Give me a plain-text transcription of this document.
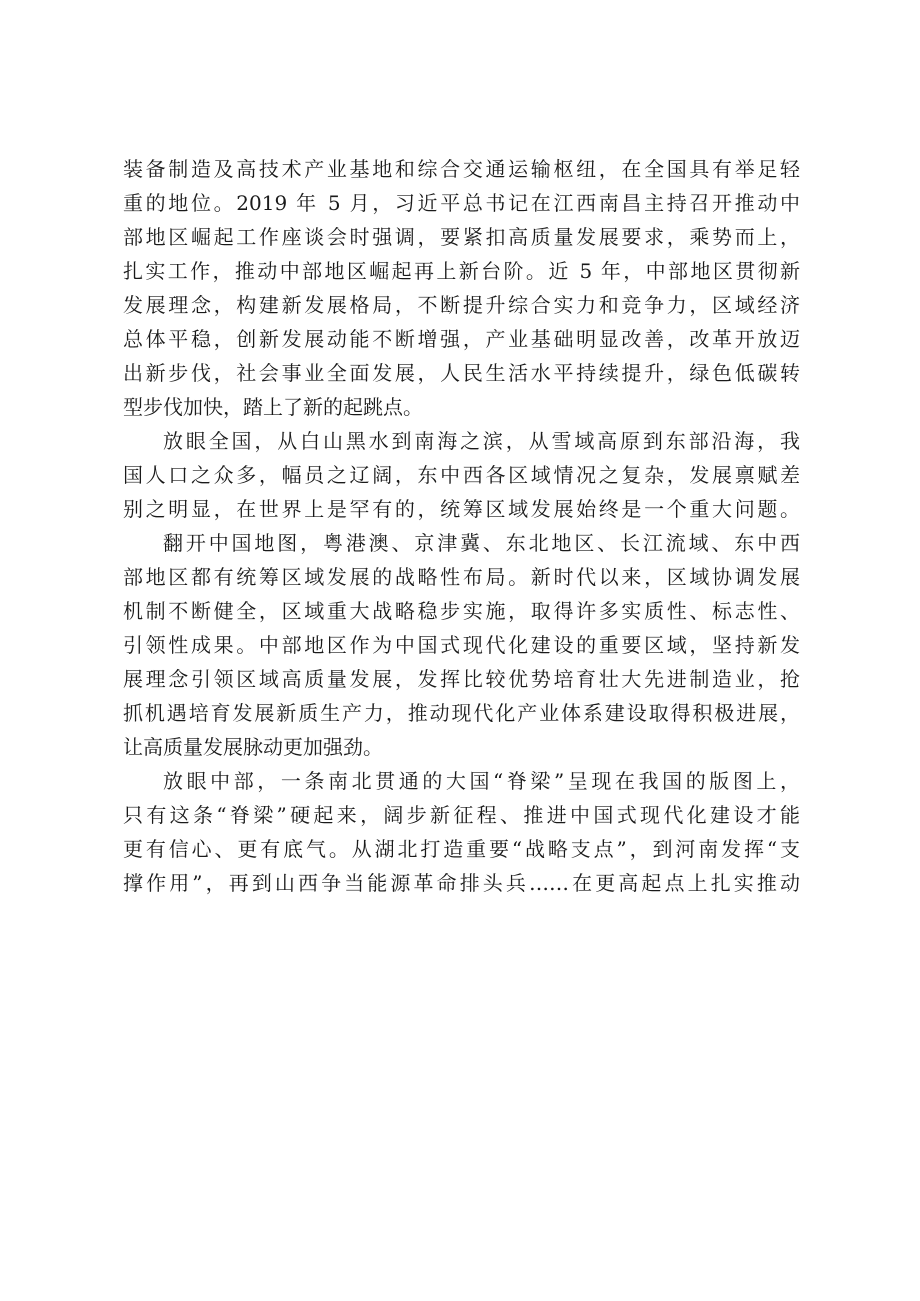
装备制造及高技术产业基地和综合交通运输枢纽，在全国具有举足轻
重的地位。2019 年 5 月，习近平总书记在江西南昌主持召开推动中
部地区崛起工作座谈会时强调，要紧扣高质量发展要求，乘势而上，
扎实工作，推动中部地区崛起再上新台阶。近 5 年，中部地区贯彻新
发展理念，构建新发展格局，不断提升综合实力和竞争力，区域经济
总体平稳，创新发展动能不断增强，产业基础明显改善，改革开放迈
出新步伐，社会事业全面发展，人民生活水平持续提升，绿色低碳转
型步伐加快，踏上了新的起跳点。
放眼全国，从白山黑水到南海之滨，从雪域高原到东部沿海，我
国人口之众多，幅员之辽阔，东中西各区域情况之复杂，发展禀赋差
别之明显，在世界上是罕有的，统筹区域发展始终是一个重大问题。
翻开中国地图，粤港澳、京津冀、东北地区、长江流域、东中西
部地区都有统筹区域发展的战略性布局。新时代以来，区域协调发展
机制不断健全，区域重大战略稳步实施，取得许多实质性、标志性、
引领性成果。中部地区作为中国式现代化建设的重要区域，坚持新发
展理念引领区域高质量发展，发挥比较优势培育壮大先进制造业，抢
抓机遇培育发展新质生产力，推动现代化产业体系建设取得积极进展，
让高质量发展脉动更加强劲。
放眼中部，一条南北贯通的大国“脊梁”呈现在我国的版图上，
只有这条“脊梁”硬起来，阔步新征程、推进中国式现代化建设才能
更有信心、更有底气。从湖北打造重要“战略支点”，到河南发挥“支
撑作用”，再到山西争当能源革命排头兵……在更高起点上扎实推动
